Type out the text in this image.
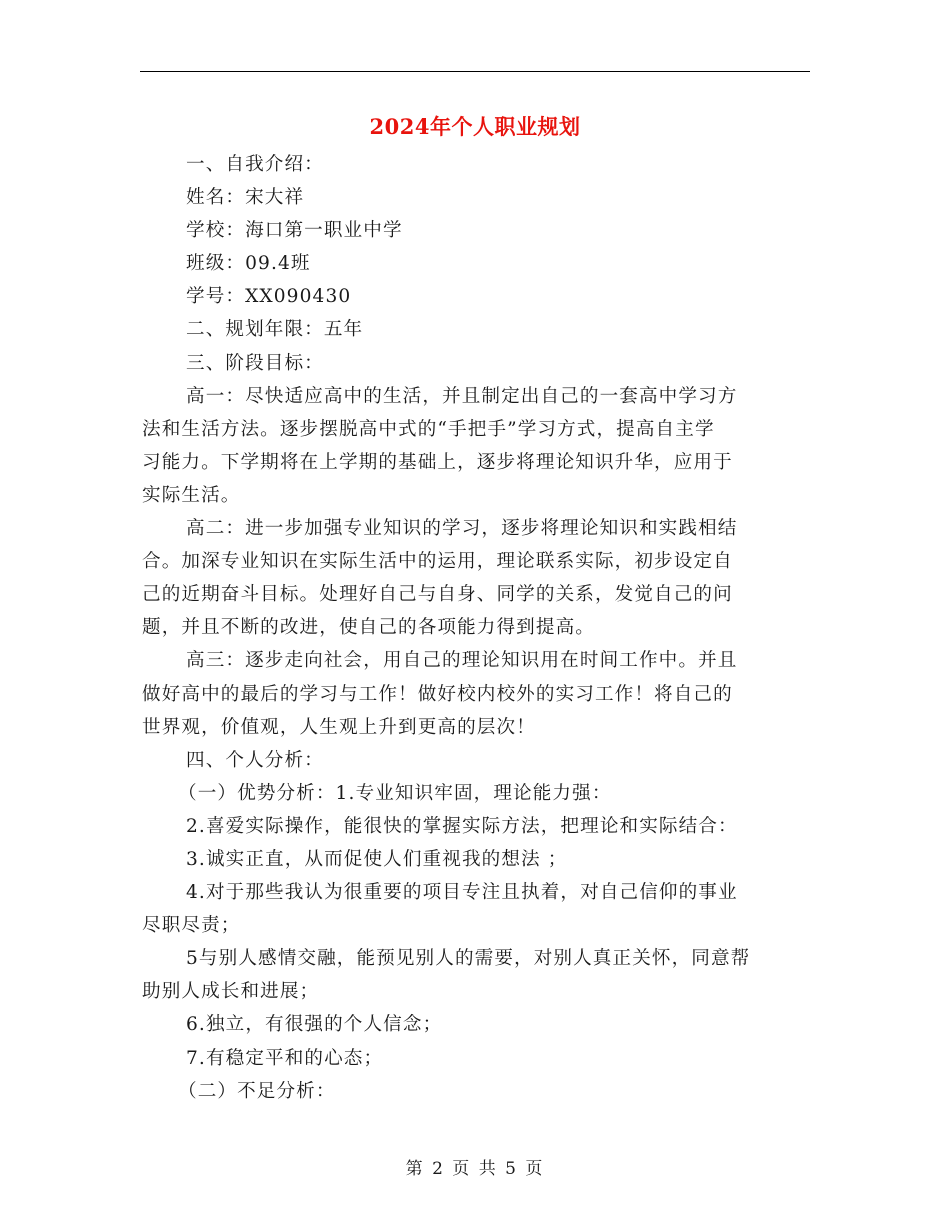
2024年个人职业规划
一、自我介绍：
姓名：宋大祥
学校：海口第一职业中学
班级：09.4班
学号：XX090430
二、规划年限：五年
三、阶段目标：
高一：尽快适应高中的生活，并且制定出自己的一套高中学习方
法和生活方法。逐步摆脱高中式的“手把手”学习方式，提高自主学
习能力。下学期将在上学期的基础上，逐步将理论知识升华，应用于
实际生活。
高二：进一步加强专业知识的学习，逐步将理论知识和实践相结
合。加深专业知识在实际生活中的运用，理论联系实际，初步设定自
己的近期奋斗目标。处理好自己与自身、同学的关系，发觉自己的问
题，并且不断的改进，使自己的各项能力得到提高。
高三：逐步走向社会，用自己的理论知识用在时间工作中。并且
做好高中的最后的学习与工作！做好校内校外的实习工作！将自己的
世界观，价值观，人生观上升到更高的层次！
四、个人分析：
（一）优势分析：1.专业知识牢固，理论能力强：
2.喜爱实际操作，能很快的掌握实际方法，把理论和实际结合：
3.诚实正直，从而促使人们重视我的想法 ；
4.对于那些我认为很重要的项目专注且执着，对自己信仰的事业
尽职尽责；
5与别人感情交融，能预见别人的需要，对别人真正关怀，同意帮
助别人成长和进展；
6.独立，有很强的个人信念；
7.有稳定平和的心态；
（二）不足分析：
第 2 页 共 5 页
